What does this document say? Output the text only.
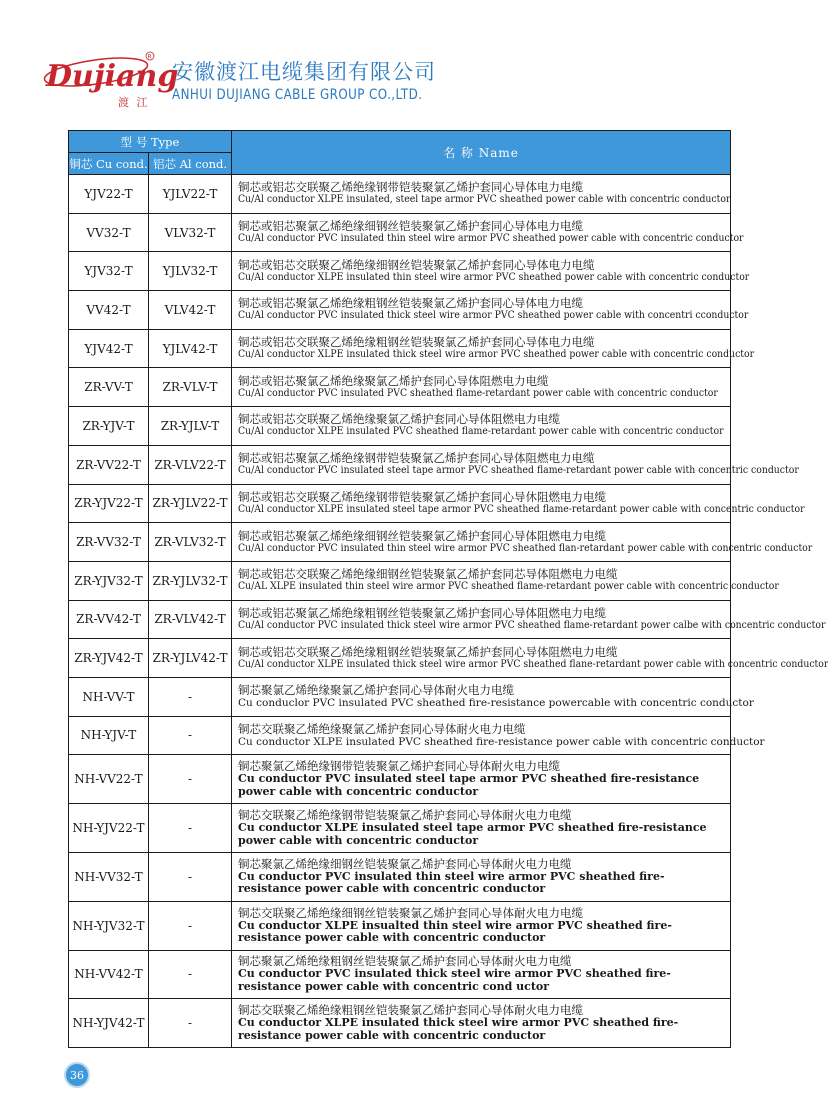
Dujiang
R
渡 江
安徽渡江电缆集团有限公司
ANHUI DUJIANG CABLE GROUP CO.,LTD.
型 号 Type		名 称 Name
铜芯 Cu cond.	铝芯 Al cond.	
YJV22-T	YJLV22-T	铜芯或铝芯交联聚乙烯绝缘钢带铠装聚氯乙烯护套同心导体电力电缆
Cu/Al conductor XLPE insulated, steel tape armor PVC sheathed power cable with concentric conductor

VV32-T	VLV32-T	铜芯或铝芯聚氯乙烯绝缘细钢丝铠装聚氯乙烯护套同心导体电力电缆
Cu/Al conductor PVC insulated thin steel wire armor PVC sheathed power cable with concentric conductor

YJV32-T	YJLV32-T	铜芯或铝芯交联聚乙烯绝缘细钢丝铠装聚氯乙烯护套同心导体电力电缆
Cu/Al conductor XLPE insulated thin steel wire armor PVC sheathed power cable with concentric conductor

VV42-T	VLV42-T	铜芯或铝芯聚氯乙烯绝缘粗钢丝铠装聚氯乙烯护套同心导体电力电缆
Cu/Al conductor PVC insulated thick steel wire armor PVC sheathed power cable with concentri cconductor

YJV42-T	YJLV42-T	铜芯或铝芯交联聚乙烯绝缘粗钢丝铠装聚氯乙烯护套同心导体电力电缆
Cu/Al conductor XLPE insulated thick steel wire armor PVC sheathed power cable with concentric conductor

ZR-VV-T	ZR-VLV-T	铜芯或铝芯聚氯乙烯绝缘聚氯乙烯护套同心导体阻燃电力电缆
Cu/Al conductor PVC insulated PVC sheathed flame-retardant power cable with concentric conductor

ZR-YJV-T	ZR-YJLV-T	铜芯或铝芯交联聚乙烯绝缘聚氯乙烯护套同心导体阻燃电力电缆
Cu/Al conductor XLPE insulated PVC sheathed flame-retardant power cable with concentric conductor

ZR-VV22-T	ZR-VLV22-T	铜芯或铝芯聚氯乙烯绝缘钢带铠装聚氯乙烯护套同心导体阻燃电力电缆
Cu/Al conductor PVC insulated steel tape armor PVC sheathed flame-retardant power cable with concentric conductor

ZR-YJV22-T	ZR-YJLV22-T	铜芯或铝芯交联聚乙烯绝缘钢带铠装聚氯乙烯护套同心导休阻燃电力电缆
Cu/Al conductor XLPE insulated steel tape armor PVC sheathed flame-retardant power cable with concentric conductor

ZR-VV32-T	ZR-VLV32-T	铜芯或铝芯聚氯乙烯绝缘细钢丝铠装聚氯乙烯护套同心导体阻燃电力电缆
Cu/Al conductor PVC insulated thin steel wire armor PVC sheathed flan-retardant power cable with concentric conductor

ZR-YJV32-T	ZR-YJLV32-T	铜芯或铝芯交联聚乙烯绝缘细钢丝铠装聚氯乙烯护套同芯导体阻燃电力电缆
Cu/AL XLPE insulated thin steel wire armor PVC sheathed flame-retardant power cable with concentric conductor

ZR-VV42-T	ZR-VLV42-T	铜芯或铝芯聚氯乙烯绝缘粗钢丝铠装聚氯乙烯护套同心导体阻燃电力电缆
Cu/Al conductor PVC insulated thick steel wire armor PVC sheathed flame-retardant power calbe with concentric conductor

ZR-YJV42-T	ZR-YJLV42-T	铜芯或铝芯交联聚乙烯绝缘粗钢丝铠装聚氯乙烯护套同心导体阻燃电力电缆
Cu/Al conductor XLPE insulated thick steel wire armor PVC sheathed flane-retardant power cable with concentric conductor

NH-VV-T	-	铜芯聚氯乙烯绝缘聚氯乙烯护套同心导体耐火电力电缆
Cu conduclor PVC insulated PVC sheathed fire-resistance powercable with concentric conductor

NH-YJV-T	-	铜芯交联聚乙烯绝缘聚氯乙烯护套同心导体耐火电力电缆
Cu conductor XLPE insulated PVC sheathed fire-resistance power cable with concentric conductor

NH-VV22-T	-	铜芯聚氯乙烯绝缘钢带铠装聚氯乙烯护套同心导体耐火电力电缆
Cu conductor PVC insulated steel tape armor PVC sheathed fire-resistance power cable with concentric conductor

NH-YJV22-T	-	铜芯交联聚乙烯绝缘钢带铠装聚氯乙烯护套同心导体耐火电力电缆
Cu conductor XLPE insulated steel tape armor PVC sheathed fire-resistance power cable with concentric conductor

NH-VV32-T	-	铜芯聚氯乙烯绝缘细钢丝铠装聚氯乙烯护套同心导体耐火电力电缆
Cu conductor PVC insulated thin steel wire armor PVC sheathed fire-resistance power cable with concentric conductor

NH-YJV32-T	-	铜芯交联聚乙烯绝缘细钢丝铠装聚氯乙烯护套同心导体耐火电力电缆
Cu conductor XLPE insualted thin steel wire armor PVC sheathed fire-resistance power cable with concentric conductor

NH-VV42-T	-	铜芯聚氯乙烯绝缘粗钢丝铠装聚氯乙烯护套同心导体耐火电力电缆
Cu conductor PVC insulated thick steel wire armor PVC sheathed fire-resistance power cable with concentric cond uctor

NH-YJV42-T	-	铜芯交联聚乙烯绝缘粗钢丝铠装聚氯乙烯护套同心导体耐火电力电缆
Cu conductor XLPE insulated thick steel wire armor PVC sheathed fire-resistance power cable with concentric conductor
36
